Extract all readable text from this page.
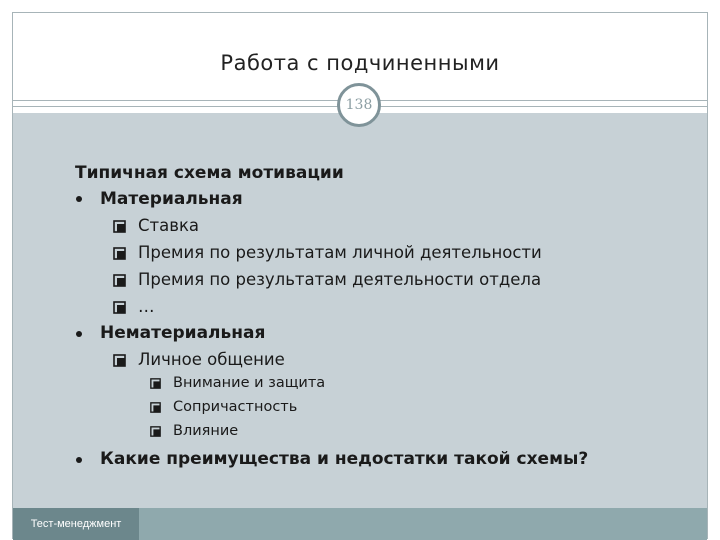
Работа с подчиненными
138
Типичная схема мотивации
Материальная
Ставка
Премия по результатам личной деятельности
Премия по результатам деятельности отдела
…
Нематериальная
Личное общение
Внимание и защита
Сопричастность
Влияние
Какие преимущества и недостатки такой схемы?
Тест-менеджмент
